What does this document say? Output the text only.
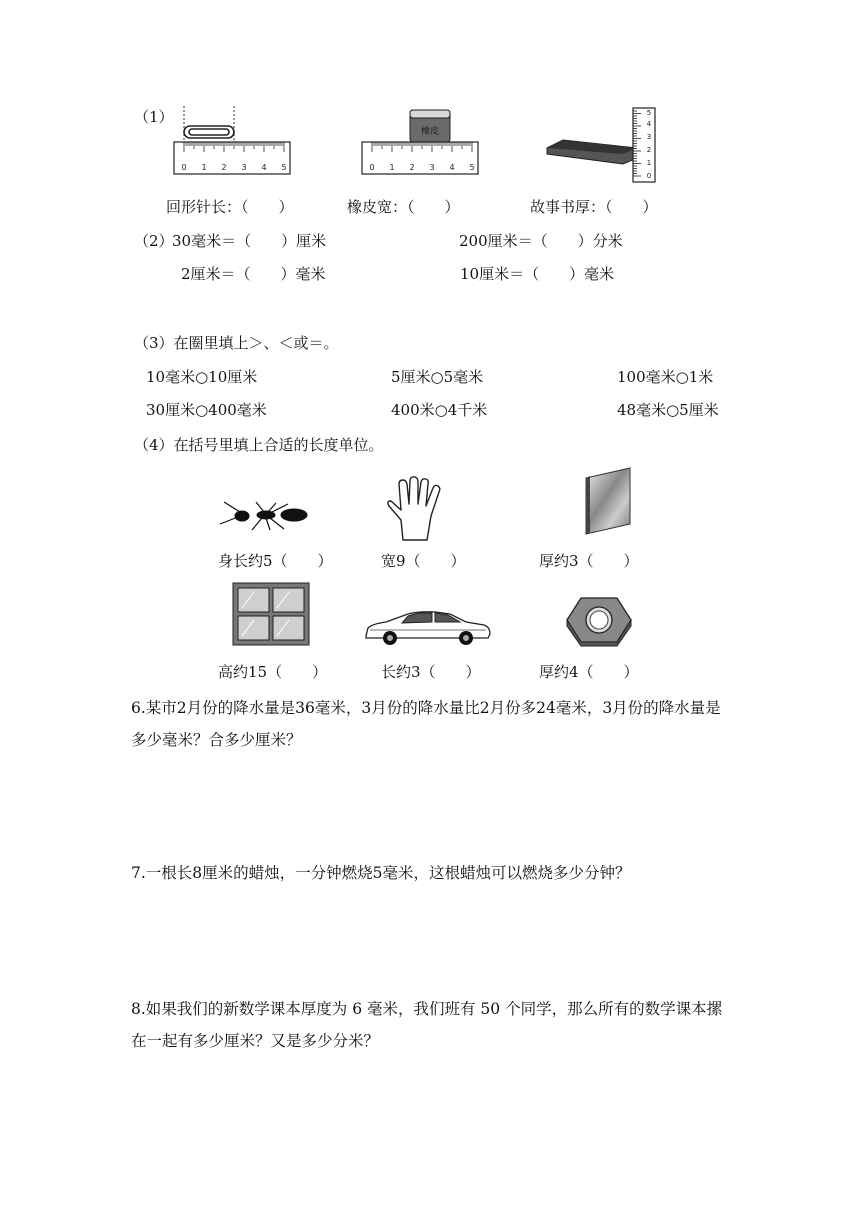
（1）
0 1 2 3 4 5
橡皮
0 1 2 3 4 5
0
1
2
3
4
5
回形针长：（　　）	橡皮宽：（　　）	故事书厚：（　　）
（2）
30毫米＝（　　）厘米	200厘米＝（　　）分米
2厘米＝（　　）毫米	10厘米＝（　　）毫米
（3）在圈里填上＞、＜或＝。
10毫米○10厘米	5厘米○5毫米	100毫米○1米
30厘米○400毫米	400米○4千米	48毫米○5厘米
（4）在括号里填上合适的长度单位。
身长约5（　　）	宽9（　　）	厚约3（　　）
高约15（　　）	长约3（　　）	厚约4（　　）
6.某市2月份的降水量是36毫米，3月份的降水量比2月份多24毫米，3月份的降水量是多少毫米？合多少厘米？
7.一根长8厘米的蜡烛，一分钟燃烧5毫米，这根蜡烛可以燃烧多少分钟？
8.如果我们的新数学课本厚度为 6 毫米，我们班有 50 个同学，那么所有的数学课本摞在一起有多少厘米？又是多少分米？
